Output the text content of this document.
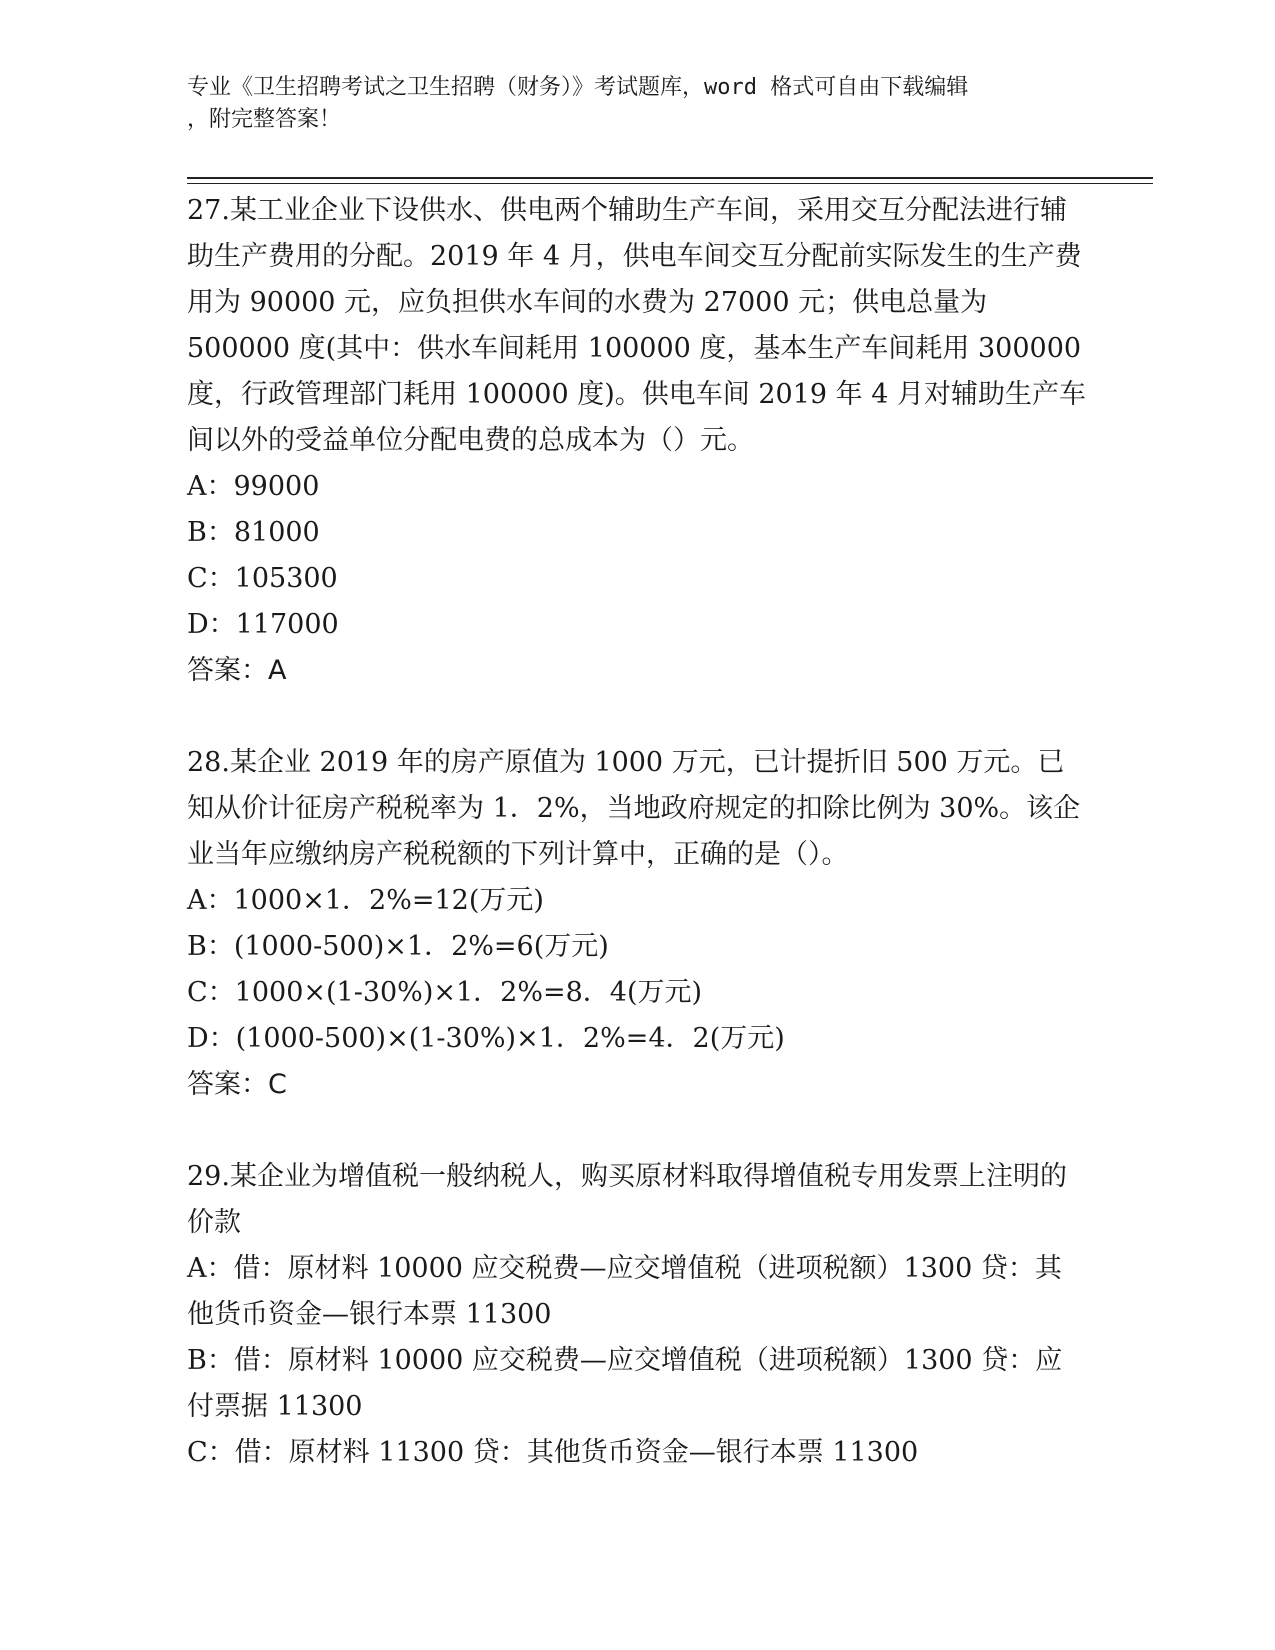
专业《卫生招聘考试之卫生招聘（财务）》考试题库，word 格式可自由下载编辑
，附完整答案！

27.某工业企业下设供水、供电两个辅助生产车间，采用交互分配法进行辅助生产费用的分配。2019 年 4 月，供电车间交互分配前实际发生的生产费用为 90000 元，应负担供水车间的水费为 27000 元；供电总量为 500000 度(其中：供水车间耗用 100000 度，基本生产车间耗用 300000 度，行政管理部门耗用 100000 度)。供电车间 2019 年 4 月对辅助生产车间以外的受益单位分配电费的总成本为（）元。

A：99000

B：81000

C：105300

D：117000

答案：A

28.某企业 2019 年的房产原值为 1000 万元，已计提折旧 500 万元。已知从价计征房产税税率为 1．2%，当地政府规定的扣除比例为 30%。该企业当年应缴纳房产税税额的下列计算中，正确的是（）。

A：1000×1．2%=12(万元)

B：(1000-500)×1．2%=6(万元)

C：1000×(1-30%)×1．2%=8．4(万元)

D：(1000-500)×(1-30%)×1．2%=4．2(万元)

答案：C

29.某企业为增值税一般纳税人，购买原材料取得增值税专用发票上注明的价款

A：借：原材料 10000 应交税费—应交增值税（进项税额）1300 贷：其他货币资金—银行本票 11300

B：借：原材料 10000 应交税费—应交增值税（进项税额）1300 贷：应付票据 11300

C：借：原材料 11300 贷：其他货币资金—银行本票 11300
